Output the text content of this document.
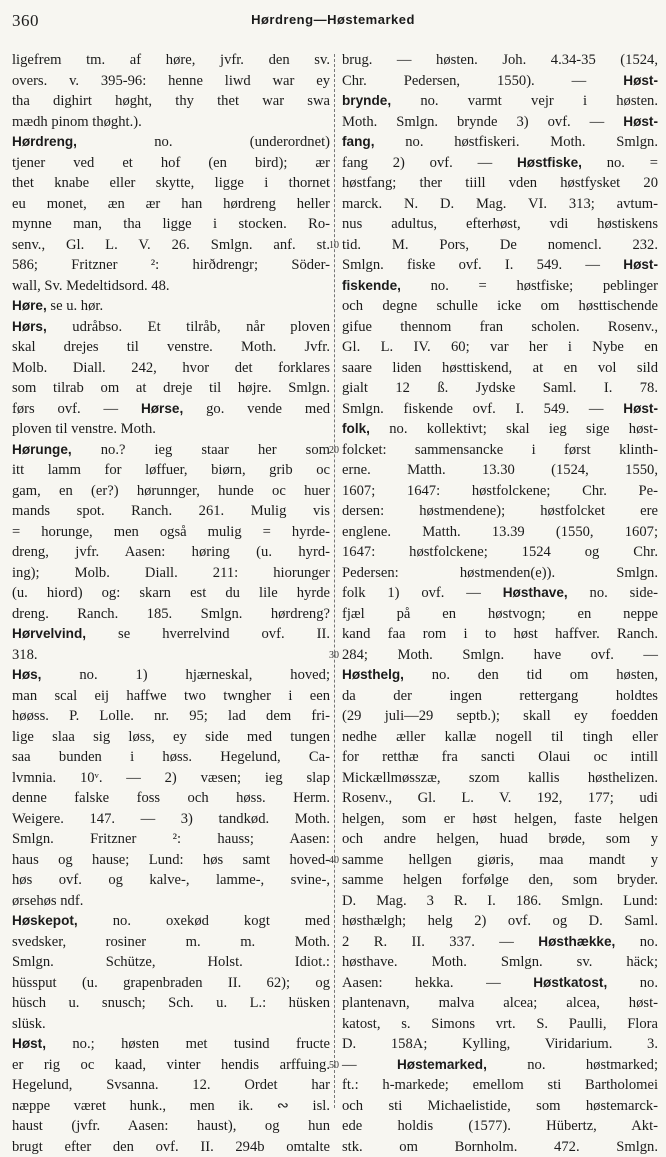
360	Hørdreng—Høstemarked
ligefrem tm. af høre, jvfr. den sv.
overs. v. 395-96: henne liwd war ey
tha dighirt høght, thy thet war swa
mædh pinom thøght.).
Hørdreng, no. (underordnet)
tjener ved et hof (en bird); ær
thet knabe eller skytte, ligge i thornet
eu monet, æn ær han hørdreng heller
mynne man, tha ligge i stocken. Ro-
senv., Gl. L. V. 26. Smlgn. anf. st.
586; Fritzner ²: hirðdrengr; Söder-
wall, Sv. Medeltidsord. 48.
Høre, se u. hør.
Hørs, udråbso. Et tilråb, når ploven
skal drejes til venstre. Moth. Jvfr.
Molb. Diall. 242, hvor det forklares
som tilrab om at dreje til højre. Smlgn.
førs ovf. — Hørse, go. vende med
ploven til venstre. Moth.
Hørunge, no.? ieg staar her som
itt lamm for løffuer, biørn, grib oc
gam, en (er?) hørunnger, hunde oc huer
mands spot. Ranch. 261. Mulig vis
= horunge, men også mulig = hyrde-
dreng, jvfr. Aasen: høring (u. hyrd-
ing); Molb. Diall. 211: hiorunger
(u. hiord) og: skarn est du lile hyrde
dreng. Ranch. 185. Smlgn. hørdreng?
Hørvelvind, se hverrelvind ovf. II.
318.
Høs, no. 1) hjærneskal, hoved;
man scal eij haffwe two twngher i een
høøss. P. Lolle. nr. 95; lad dem fri-
lige slaa sig løss, ey side med tungen
saa bunden i høss. Hegelund, Ca-
lvmnia. 10ᵛ. — 2) væsen; ieg slap
denne falske foss och høss. Herm.
Weigere. 147. — 3) tandkød. Moth.
Smlgn. Fritzner ²: hauss; Aasen:
haus og hause; Lund: høs samt hoved-
høs ovf. og kalve-, lamme-, svine-,
ørsehøs ndf.
Høskepot, no. oxekød kogt med
svedsker, rosiner m. m. Moth.
Smlgn. Schütze, Holst. Idiot.:
hüssput (u. grapenbraden II. 62); og
hüsch u. snusch; Sch. u. L.: hüsken
slüsk.
Høst, no.; høsten met tusind fructe
er rig oc kaad, vinter hendis arffuing.
Hegelund, Svsanna. 12. Ordet har
næppe været hunk., men ik. ∾ isl.
haust (jvfr. Aasen: haust), og hun
brugt efter den ovf. II. 294b omtalte
brug. — høsten. Joh. 4.34-35 (1524,
Chr. Pedersen, 1550). — Høst-
brynde, no. varmt vejr i høsten.
Moth. Smlgn. brynde 3) ovf. — Høst-
fang, no. høstfiskeri. Moth. Smlgn.
fang 2) ovf. — Høstfiske, no. =
høstfang; ther tiill vden høstfysket 20
marck. N. D. Mag. VI. 313; avtum-
nus adultus, efterhøst, vdi høstiskens
tid. M. Pors, De nomencl. 232.
Smlgn. fiske ovf. I. 549. — Høst-
fiskende, no. = høstfiske; peblinger
och degne schulle icke om høsttischende
gifue thennom fran scholen. Rosenv.,
Gl. L. IV. 60; var her i Nybe en
saare liden høsttiskend, at en vol sild
gialt 12 ß. Jydske Saml. I. 78.
Smlgn. fiskende ovf. I. 549. — Høst-
folk, no. kollektivt; skal ieg sige høst-
folcket: sammensancke i først klinth-
erne. Matth. 13.30 (1524, 1550,
1607; 1647: høstfolckene; Chr. Pe-
dersen: høstmendene); høstfolcket ere
englene. Matth. 13.39 (1550, 1607;
1647: høstfolckene; 1524 og Chr.
Pedersen: høstmenden(e)). Smlgn.
folk 1) ovf. — Høsthave, no. side-
fjæl på en høstvogn; en neppe
kand faa rom i to høst haffver. Ranch.
284; Moth. Smlgn. have ovf. —
Høsthelg, no. den tid om høsten,
da der ingen rettergang holdtes
(29 juli—29 septb.); skall ey foedden
nedhe æller kallæ nogell til tingh eller
for retthæ fra sancti Olaui oc intill
Mickællmøsszæ, szom kallis høsthelizen.
Rosenv., Gl. L. V. 192, 177; udi
helgen, som er høst helgen, faste helgen
och andre helgen, huad brøde, som y
samme hellgen giøris, maa mandt y
samme helgen forfølge den, som bryder.
D. Mag. 3 R. I. 186. Smlgn. Lund:
høsthælgh; helg 2) ovf. og D. Saml.
2 R. II. 337. — Høsthække, no.
høsthave. Moth. Smlgn. sv. häck;
Aasen: hekka. — Høstkatost, no.
plantenavn, malva alcea; alcea, høst-
katost, s. Simons vrt. S. Paulli, Flora
D. 158A; Kylling, Viridarium. 3.
— Høstemarked, no. høstmarked;
ft.: h-markede; emellom sti Bartholomei
och sti Michaelistide, som høstemarck-
ede holdis (1577). Hübertz, Akt-
stk. om Bornholm. 472. Smlgn.
10
20
30
40
50
